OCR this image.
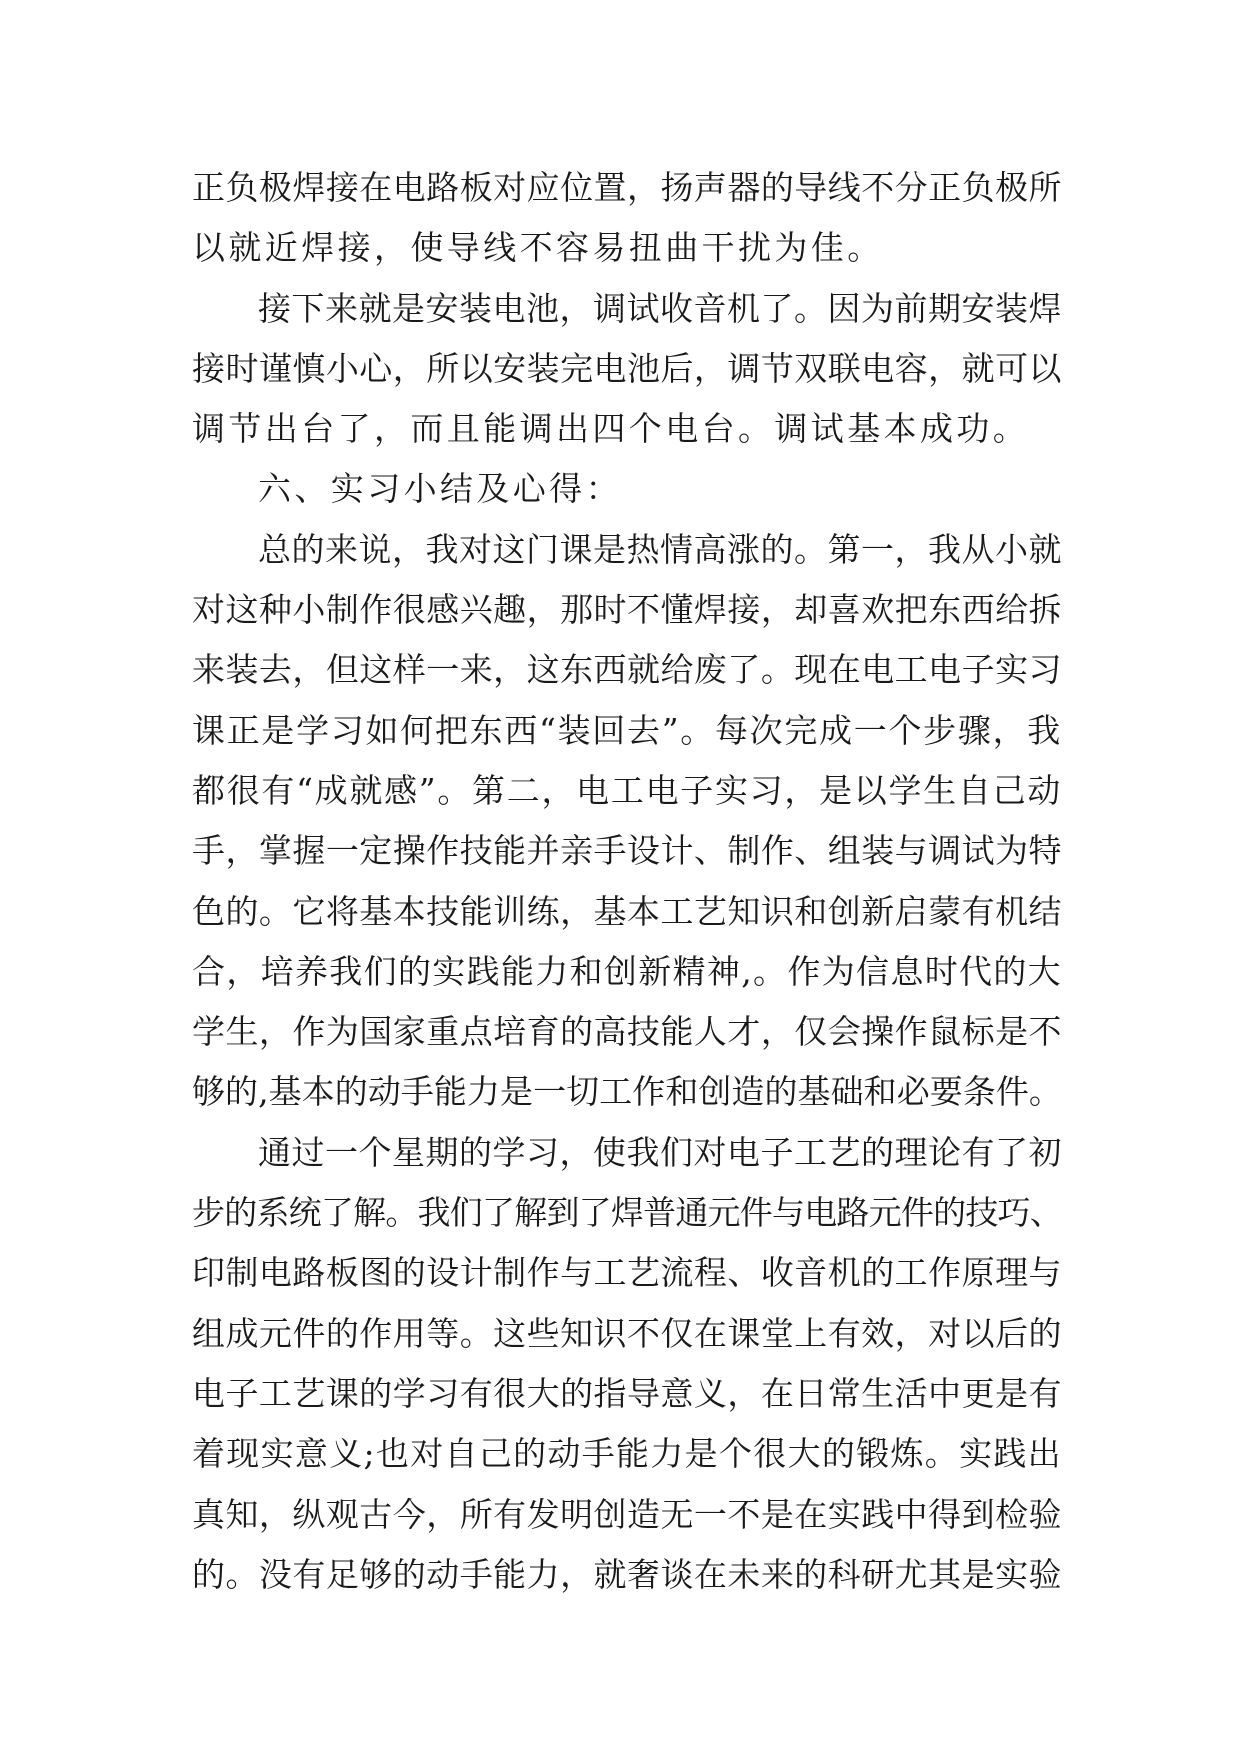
正负极焊接在电路板对应位置，扬声器的导线不分正负极所
以就近焊接，使导线不容易扭曲干扰为佳。
接下来就是安装电池，调试收音机了。因为前期安装焊
接时谨慎小心，所以安装完电池后，调节双联电容，就可以
调节出台了，而且能调出四个电台。调试基本成功。
六、实习小结及心得：
总的来说，我对这门课是热情高涨的。第一，我从小就
对这种小制作很感兴趣，那时不懂焊接，却喜欢把东西给拆
来装去，但这样一来，这东西就给废了。现在电工电子实习
课正是学习如何把东西“装回去”。每次完成一个步骤，我
都很有“成就感”。第二，电工电子实习，是以学生自己动
手，掌握一定操作技能并亲手设计、制作、组装与调试为特
色的。它将基本技能训练，基本工艺知识和创新启蒙有机结
合，培养我们的实践能力和创新精神,。作为信息时代的大
学生，作为国家重点培育的高技能人才，仅会操作鼠标是不
够的,基本的动手能力是一切工作和创造的基础和必要条件。
通过一个星期的学习，使我们对电子工艺的理论有了初
步的系统了解。我们了解到了焊普通元件与电路元件的技巧、
印制电路板图的设计制作与工艺流程、收音机的工作原理与
组成元件的作用等。这些知识不仅在课堂上有效，对以后的
电子工艺课的学习有很大的指导意义，在日常生活中更是有
着现实意义;也对自己的动手能力是个很大的锻炼。实践出
真知，纵观古今，所有发明创造无一不是在实践中得到检验
的。没有足够的动手能力，就奢谈在未来的科研尤其是实验
